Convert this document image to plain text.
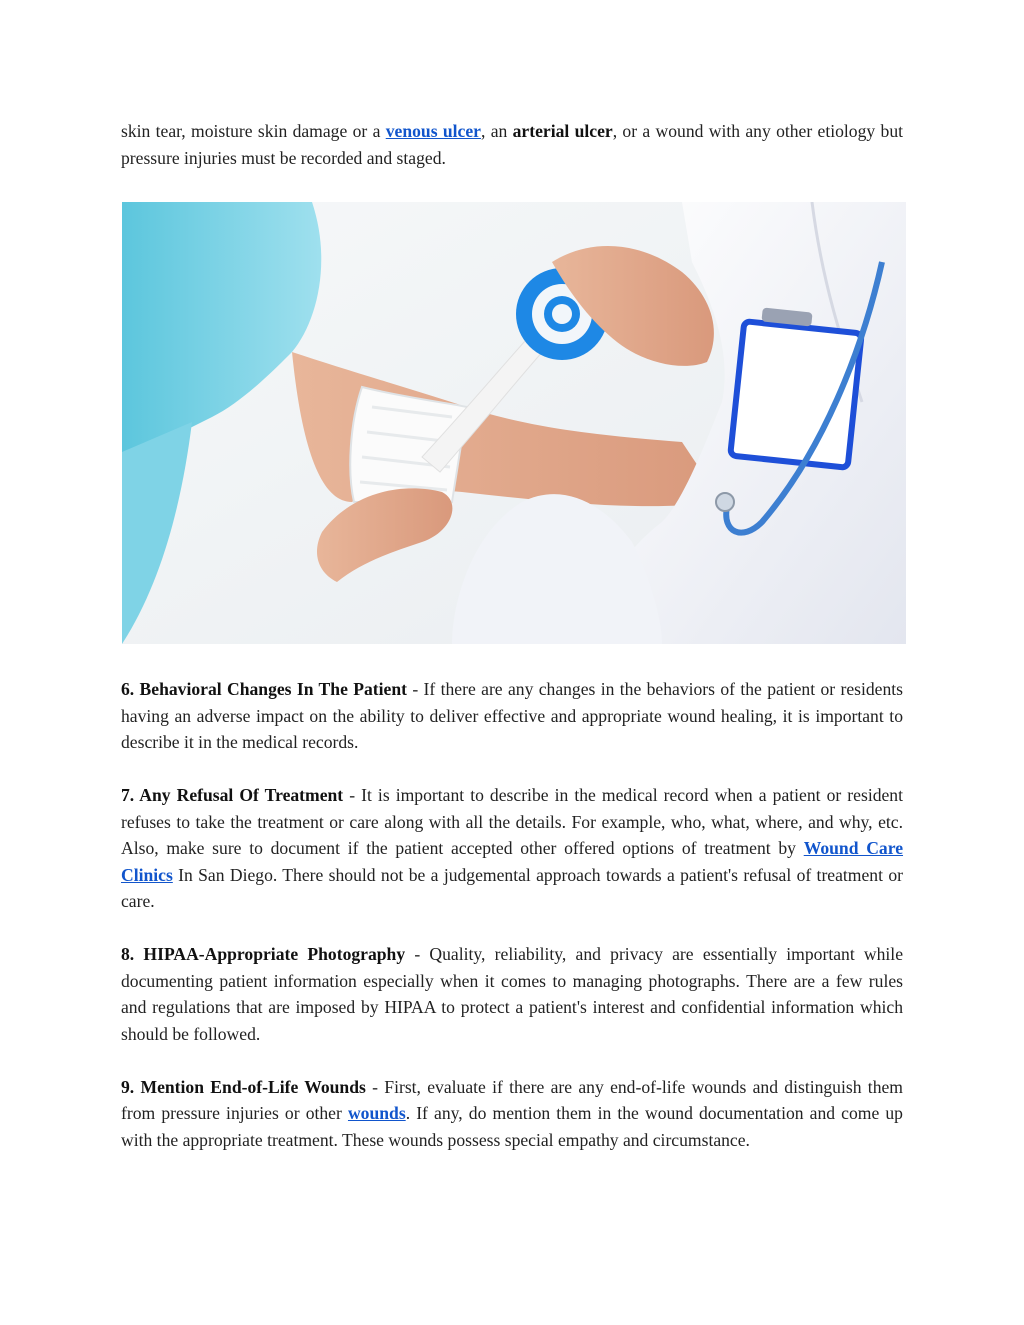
skin tear, moisture skin damage or a venous ulcer, an arterial ulcer, or a wound with any other etiology but pressure injuries must be recorded and staged.

6. Behavioral Changes In The Patient - If there are any changes in the behaviors of the patient or residents having an adverse impact on the ability to deliver effective and appropriate wound healing, it is important to describe it in the medical records.

7. Any Refusal Of Treatment - It is important to describe in the medical record when a patient or resident refuses to take the treatment or care along with all the details. For example, who, what, where, and why, etc. Also, make sure to document if the patient accepted other offered options of treatment by Wound Care Clinics In San Diego. There should not be a judgemental approach towards a patient's refusal of treatment or care.

8. HIPAA-Appropriate Photography - Quality, reliability, and privacy are essentially important while documenting patient information especially when it comes to managing photographs. There are a few rules and regulations that are imposed by HIPAA to protect a patient's interest and confidential information which should be followed.

9. Mention End-of-Life Wounds - First, evaluate if there are any end-of-life wounds and distinguish them from pressure injuries or other wounds. If any, do mention them in the wound documentation and come up with the appropriate treatment. These wounds possess special empathy and circumstance.
